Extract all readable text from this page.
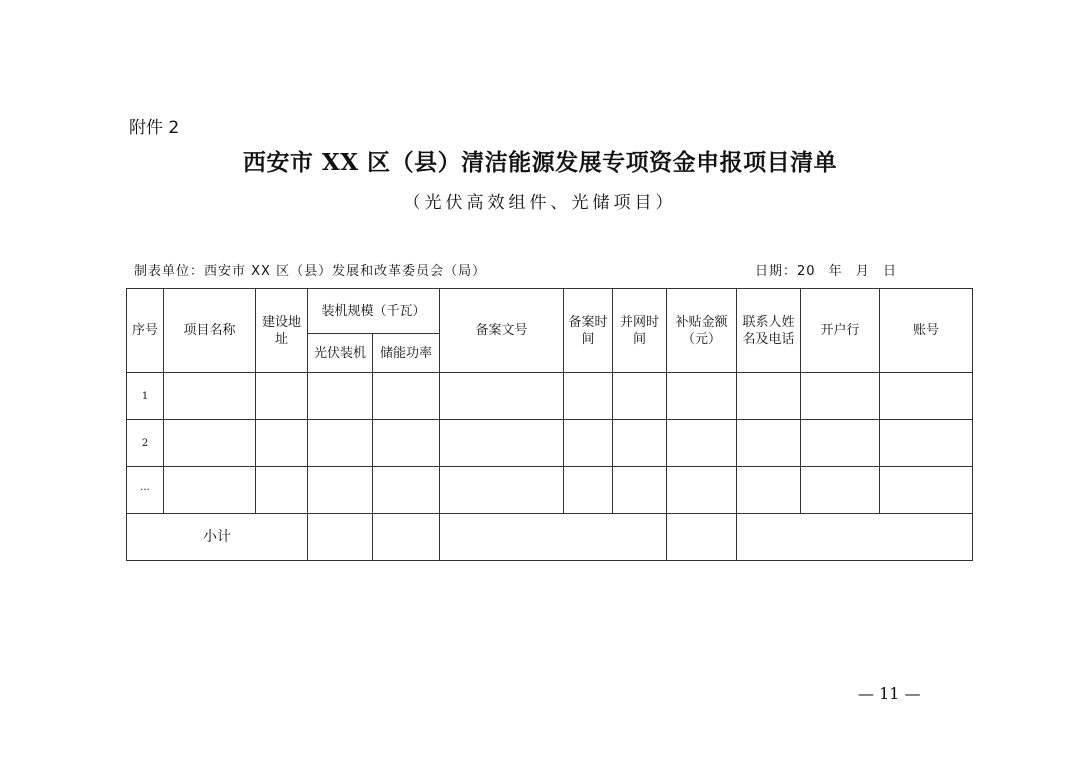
附件 2
西安市 XX 区（县）清洁能源发展专项资金申报项目清单
（光伏高效组件、光储项目）
制表单位：西安市 XX 区（县）发展和改革委员会（局）	日期：20 年 月 日
序号	项目名称	建设地址	装机规模（千瓦）		备案文号	备案时间	并网时间	补贴金额（元）	联系人姓名及电话	开户行	账号
			光伏装机	储能功率							
1											
2											
···											
小计											
— 11 —
